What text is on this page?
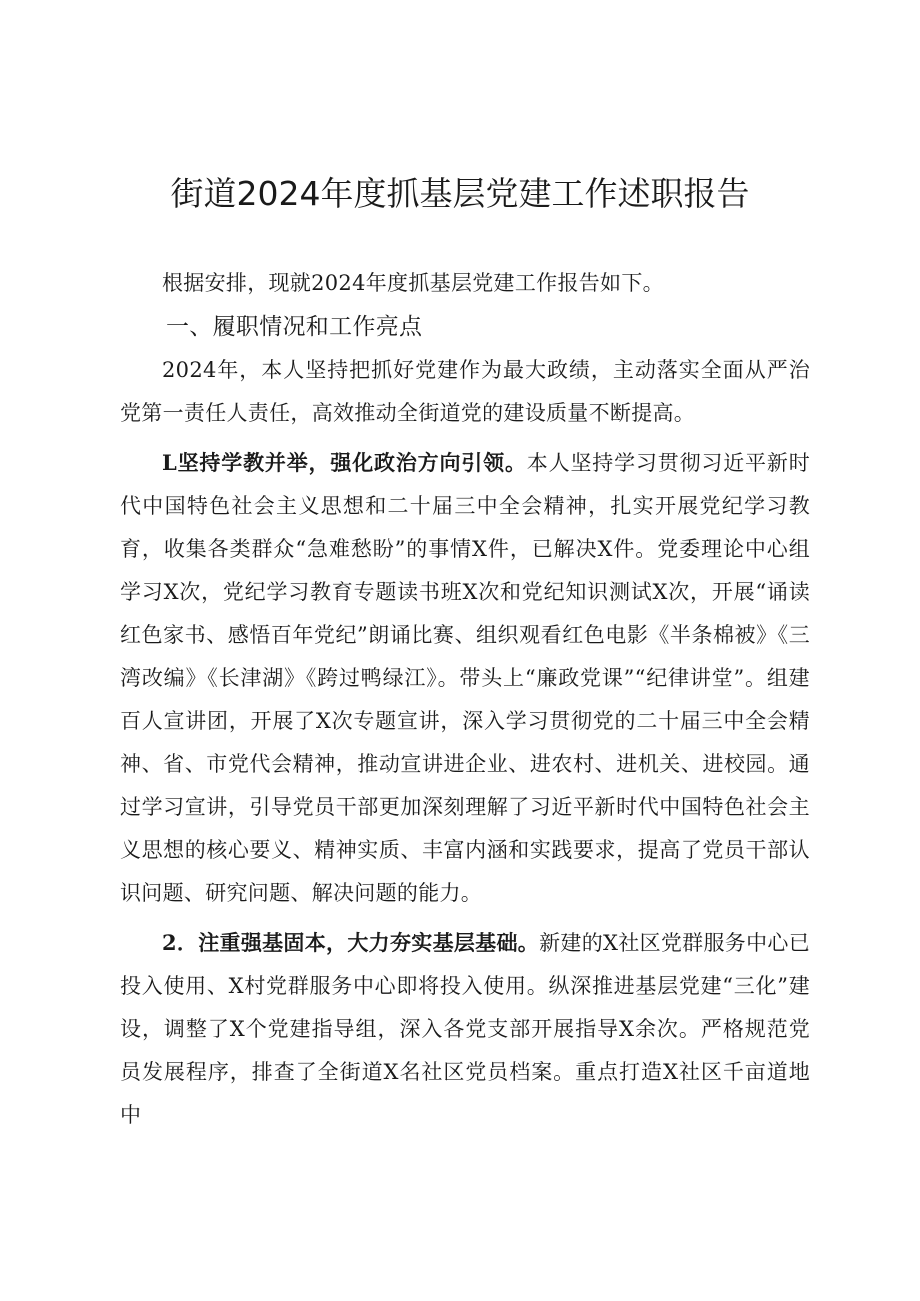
街道2024年度抓基层党建工作述职报告

根据安排，现就2024年度抓基层党建工作报告如下。

一、履职情况和工作亮点

2024年，本人坚持把抓好党建作为最大政绩，主动落实全面从严治党第一责任人责任，高效推动全街道党的建设质量不断提高。

L坚持学教并举，强化政治方向引领。本人坚持学习贯彻习近平新时代中国特色社会主义思想和二十届三中全会精神，扎实开展党纪学习教育，收集各类群众“急难愁盼”的事情X件，已解决X件。党委理论中心组学习X次，党纪学习教育专题读书班X次和党纪知识测试X次，开展“诵读红色家书、感悟百年党纪”朗诵比赛、组织观看红色电影《半条棉被》《三湾改编》《长津湖》《跨过鸭绿江》。带头上“廉政党课”“纪律讲堂”。组建百人宣讲团，开展了X次专题宣讲，深入学习贯彻党的二十届三中全会精神、省、市党代会精神，推动宣讲进企业、进农村、进机关、进校园。通过学习宣讲，引导党员干部更加深刻理解了习近平新时代中国特色社会主义思想的核心要义、精神实质、丰富内涵和实践要求，提高了党员干部认识问题、研究问题、解决问题的能力。

2．注重强基固本，大力夯实基层基础。新建的X社区党群服务中心已投入使用、X村党群服务中心即将投入使用。纵深推进基层党建“三化”建设，调整了X个党建指导组，深入各党支部开展指导X余次。严格规范党员发展程序，排查了全街道X名社区党员档案。重点打造X社区千亩道地中
